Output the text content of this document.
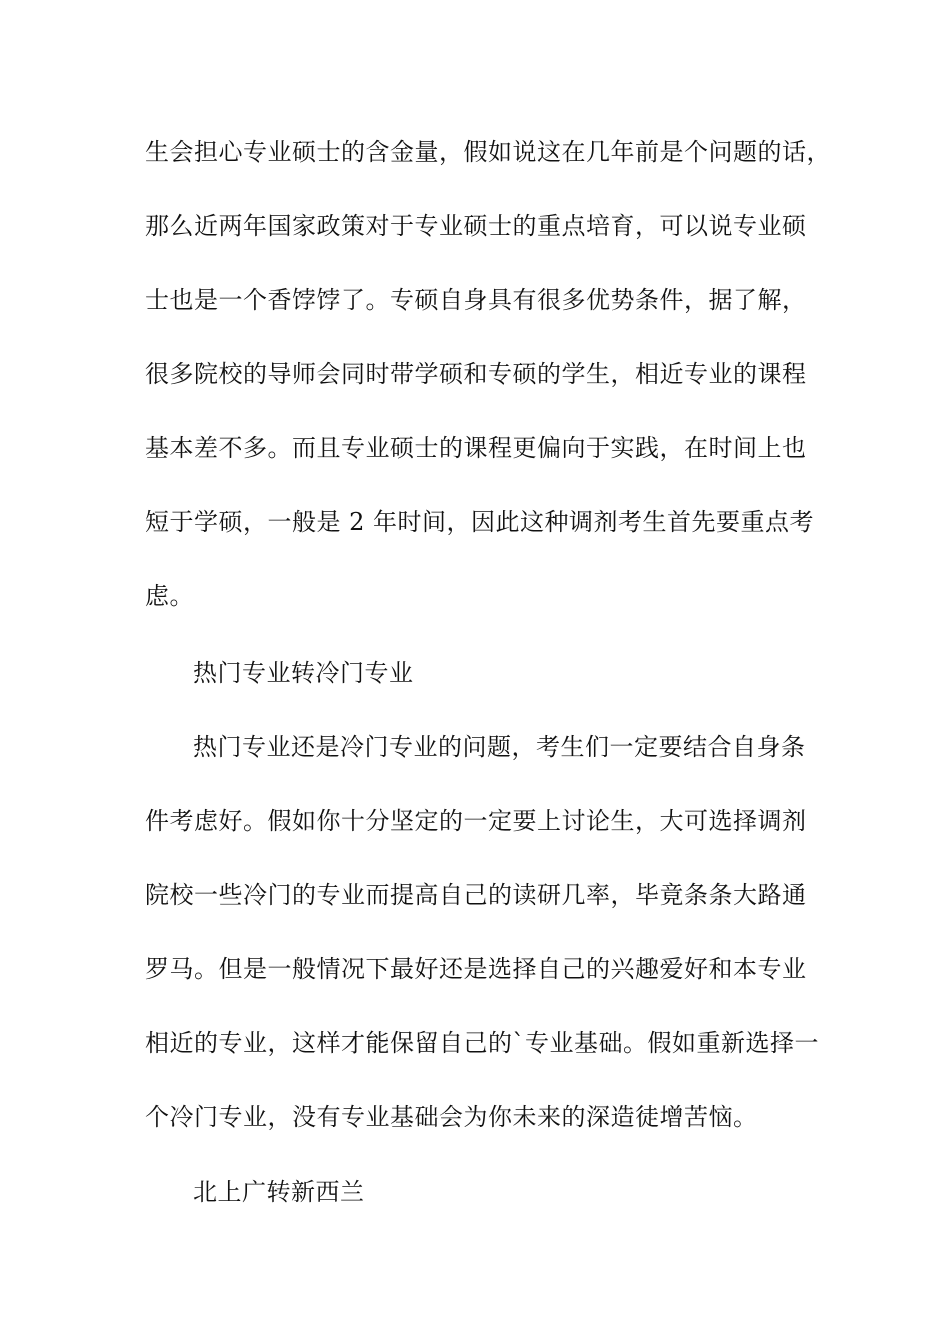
生会担心专业硕士的含金量，假如说这在几年前是个问题的话，
那么近两年国家政策对于专业硕士的重点培育，可以说专业硕
士也是一个香饽饽了。专硕自身具有很多优势条件，据了解，
很多院校的导师会同时带学硕和专硕的学生，相近专业的课程
基本差不多。而且专业硕士的课程更偏向于实践，在时间上也
短于学硕，一般是 2 年时间，因此这种调剂考生首先要重点考
虑。
热门专业转冷门专业
热门专业还是冷门专业的问题，考生们一定要结合自身条
件考虑好。假如你十分坚定的一定要上讨论生，大可选择调剂
院校一些冷门的专业而提高自己的读研几率，毕竟条条大路通
罗马。但是一般情况下最好还是选择自己的兴趣爱好和本专业
相近的专业，这样才能保留自己的`专业基础。假如重新选择一
个冷门专业，没有专业基础会为你未来的深造徒增苦恼。
北上广转新西兰
